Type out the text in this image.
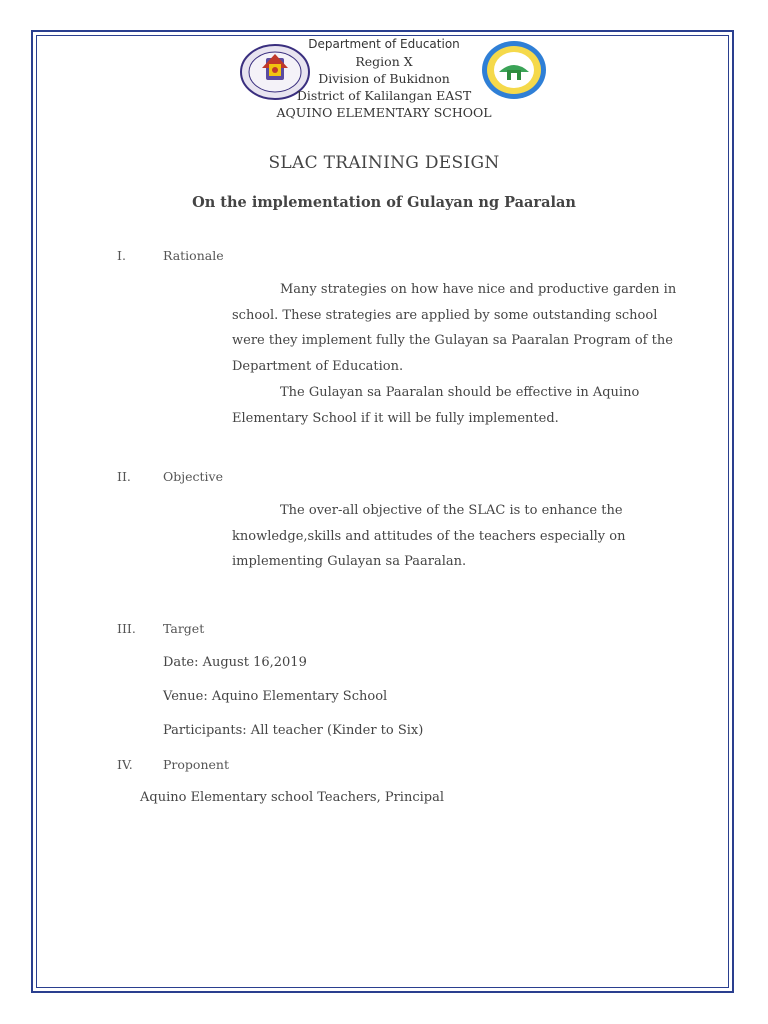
Department of Education
Region X
Division of Bukidnon
District of Kalilangan EAST
AQUINO ELEMENTARY SCHOOL
SLAC TRAINING DESIGN
On the implementation of Gulayan ng Paaralan
I.	Rationale

Many strategies on how have nice and productive garden in school. These strategies are applied by some outstanding school were they implement fully the Gulayan sa Paaralan Program of the Department of Education.

The Gulayan sa Paaralan should be effective in Aquino Elementary School if it will be fully implemented.

II.	Objective

The over-all objective of the SLAC is to enhance the knowledge,skills and attitudes of the teachers especially on implementing Gulayan sa Paaralan.

III. Target
Date: August 16,2019
Venue: Aquino Elementary School
Participants: All teacher (Kinder to Six)
IV. Proponent
Aquino Elementary school Teachers, Principal
